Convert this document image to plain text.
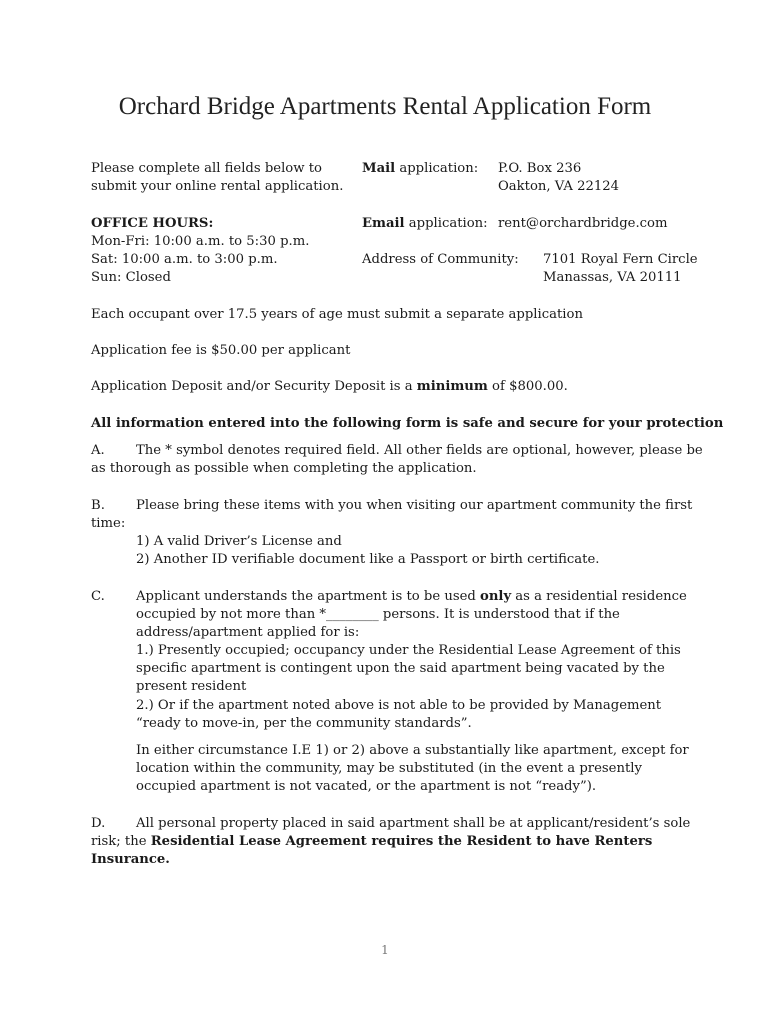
Orchard Bridge Apartments Rental Application Form
Please complete all fields below to
submit your online rental application.
Mail application: P.O. Box 236
Oakton, VA 22124
OFFICE HOURS:
Mon-Fri: 10:00 a.m. to 5:30 p.m.
Sat: 10:00 a.m. to 3:00 p.m.
Sun: Closed
Email application: rent@orchardbridge.com
Address of Community: 7101 Royal Fern Circle
Manassas, VA 20111
Each occupant over 17.5 years of age must submit a separate application
Application fee is $50.00 per applicant
Application Deposit and/or Security Deposit is a minimum of $800.00.
All information entered into the following form is safe and secure for your protection
A. The * symbol denotes required field. All other fields are optional, however, please be
as thorough as possible when completing the application.
B. Please bring these items with you when visiting our apartment community the first
time:
1) A valid Driver’s License and
2) Another ID verifiable document like a Passport or birth certificate.
C. Applicant understands the apartment is to be used only as a residential residence
occupied by not more than *________ persons. It is understood that if the
address/apartment applied for is:
1.) Presently occupied; occupancy under the Residential Lease Agreement of this
specific apartment is contingent upon the said apartment being vacated by the
present resident
2.) Or if the apartment noted above is not able to be provided by Management
“ready to move-in, per the community standards”.
In either circumstance I.E 1) or 2) above a substantially like apartment, except for
location within the community, may be substituted (in the event a presently
occupied apartment is not vacated, or the apartment is not “ready”).
D. All personal property placed in said apartment shall be at applicant/resident’s sole
risk; the Residential Lease Agreement requires the Resident to have Renters
Insurance.
1
